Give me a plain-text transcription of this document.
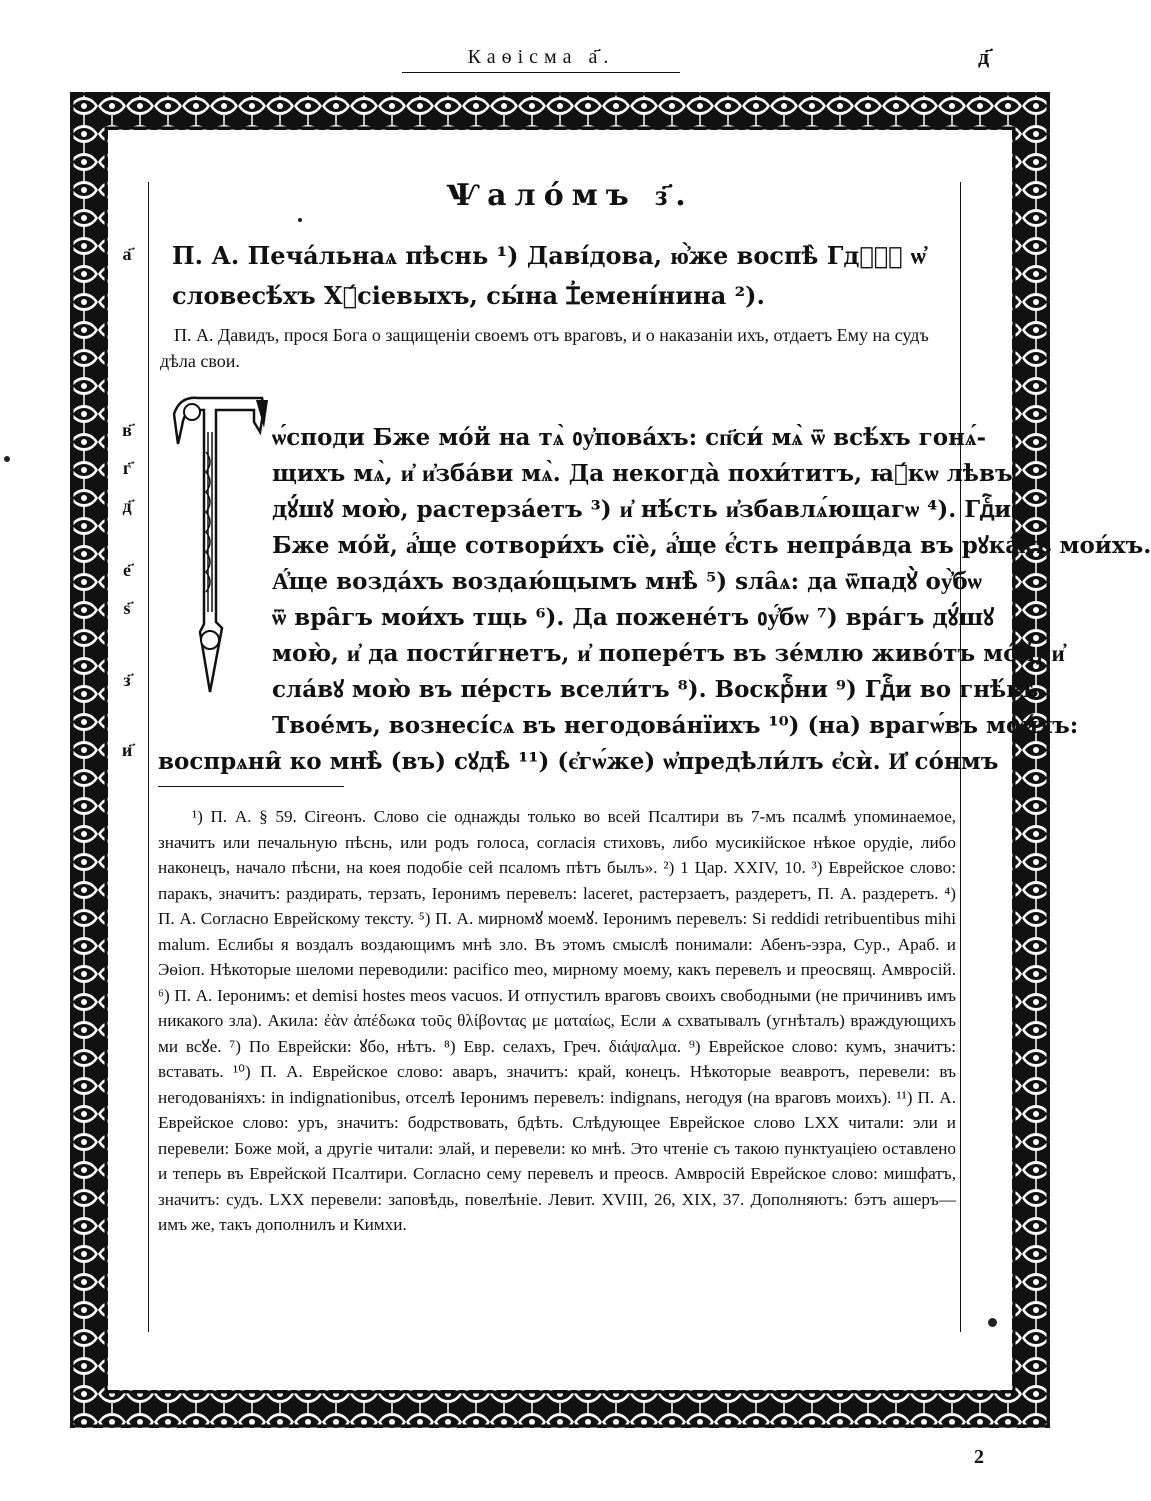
Каѳісма а҃.	д҃
Ѱалóмъ з҃.
а҃
в҃
г҃
д҃
е҃
ѕ҃
з҃
и҃
П. А. Печáльнаѧ пѣснь ¹) Давíдова, ю҆̀же воспѣ̀ Гдⷭ҇ꙋ ѡ҆ словесѣ́хъ Хꙋ́сіевыхъ, сы́на Ɪ҆еменíнина ²).
П. А. Давидъ, прося Бога о защищеніи своемъ отъ враговъ, и о наказаніи ихъ, отдаетъ Ему на судъ дѣла свои.
ѡ́споди Бже мо́й на тѧ̀ ᲂу҆пова́хъ: сп҃си́ мѧ̀ ѿ всѣ́хъ гонѧ́-
щихъ мѧ̀, и҆ и҆зба́ви мѧ̀. Да некогда̀ похи́титъ, ꙗ҆́кѡ лѣвъ,
дꙋ́шꙋ мою̀, растерза́етъ ³) и҆ нѣ́сть и҆збавлѧ́ющагѡ ⁴). Гдⷭ҇и
Бже мо́й, а҆́ще сотвори́хъ сїѐ, а҆́ще є҆́сть непра́вда въ рꙋка́хъ мои́хъ.
А҆́ще возда́хъ воздаю́щымъ мнѣ̀ ⁵) ѕла̑ѧ: да ѿпадꙋ̀ оу҆̀бѡ
ѿ вра̑гъ мои́хъ тщь ⁶). Да пожене́тъ ᲂу҆́бѡ ⁷) вра́гъ дꙋ́шꙋ
мою̀, и҆ да пости́гнетъ, и҆ попере́тъ въ зе́млю живо́тъ мо́й, и҆
сла́вꙋ мою̀ въ пе́рсть всели́тъ ⁸). Воскрⷭ҇ни ⁹) Гдⷭ҇и во гнѣ́вѣ
Твое́мъ, вознесі́сѧ въ негодова́нїихъ ¹⁰) (на) врагѡ́въ мои́хъ:
воспрѧни̑ ко мнѣ̀ (въ) сꙋдѣ̀ ¹¹) (є҆гѡ́же) ѡ҆предѣли́лъ є҆сѝ. И҆ со́нмъ
¹) П. А. § 59. Сігеонъ. Слово сіе однажды только во всей Псалтири въ 7-мъ псалмѣ упоминаемое, значитъ или печальную пѣснь, или родъ голоса, согласія стиховъ, либо мусикійское нѣкое орудіе, либо наконецъ, начало пѣсни, на коея подобіе сей псаломъ пѣтъ былъ». ²) 1 Цар. XXIV, 10. ³) Еврейское слово: паракъ, значитъ: раздирать, терзать, Іеронимъ перевелъ: laceret, растерзаетъ, раздеретъ, П. А. раздеретъ. ⁴) П. А. Согласно Еврейскому тексту. ⁵) П. А. мирномꙋ моемꙋ. Іеронимъ перевелъ: Si reddidi retribuentibus mihi malum. Еслибы я воздалъ воздающимъ мнѣ зло. Въ этомъ смыслѣ понимали: Абенъ-эзра, Сур., Араб. и Эѳіоп. Нѣкоторые шеломи переводили: pacifico meo, мирному моему, какъ перевелъ и преосвящ. Амвросій. ⁶) П. А. Іеронимъ: et demisi hostes meos vacuos. И отпустилъ враговъ своихъ свободными (не причинивъ имъ никакого зла). Акила: ἐὰν ἀπέδωκα τοῦς θλίβοντας με ματαίως, Если ѧ схватывалъ (угнѣталъ) враждующихъ ми всꙋе. ⁷) По Еврейски: ꙋбо, нѣтъ. ⁸) Евр. селахъ, Греч. διάψαλμα. ⁹) Еврейское слово: кумъ, значитъ: вставать. ¹⁰) П. А. Еврейское слово: аваръ, значитъ: край, конецъ. Нѣкоторые веавротъ, перевели: въ негодованіяхъ: in indignationibus, отселѣ Іеронимъ перевелъ: indignans, негодуя (на враговъ моихъ). ¹¹) П. А. Еврейское слово: уръ, значитъ: бодрствовать, бдѣть. Слѣдующее Еврейское слово LXX читали: эли и перевели: Боже мой, а другіе читали: элай, и перевели: ко мнѣ. Это чтеніе съ такою пунктуаціею оставлено и теперь въ Еврейской Псалтири. Согласно сему перевелъ и преосв. Амвросій Еврейское слово: мишфатъ, значитъ: судъ. LXX перевели: заповѣдь, повелѣніе. Левит. XVIII, 26, XIX, 37. Дополняютъ: бэтъ ашеръ— имъ же, такъ дополнилъ и Кимхи.
2
